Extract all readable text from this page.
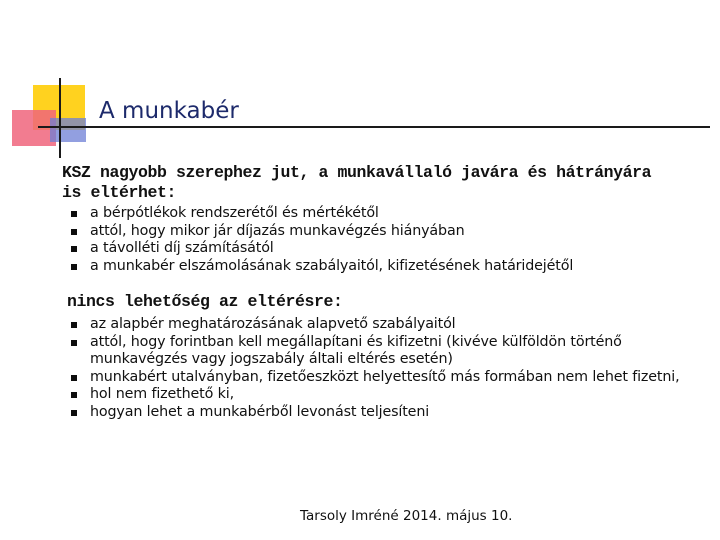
A munkabér
KSZ nagyobb szerephez jut, a munkavállaló javára és hátrányára is eltérhet:
a bérpótlékok rendszerétől és mértékétől
attól, hogy mikor jár díjazás munkavégzés hiányában
a távolléti díj számításától
a munkabér elszámolásának szabályaitól, kifizetésének határidejétől
nincs lehetőség az eltérésre:
az alapbér meghatározásának alapvető szabályaitól
attól, hogy forintban kell megállapítani és kifizetni (kivéve külföldön történő munkavégzés vagy jogszabály általi eltérés esetén)
munkabért utalványban, fizetőeszközt helyettesítő más formában nem lehet fizetni,
hol nem fizethető ki,
hogyan lehet a munkabérből levonást teljesíteni
Tarsoly Imréné 2014. május 10.
